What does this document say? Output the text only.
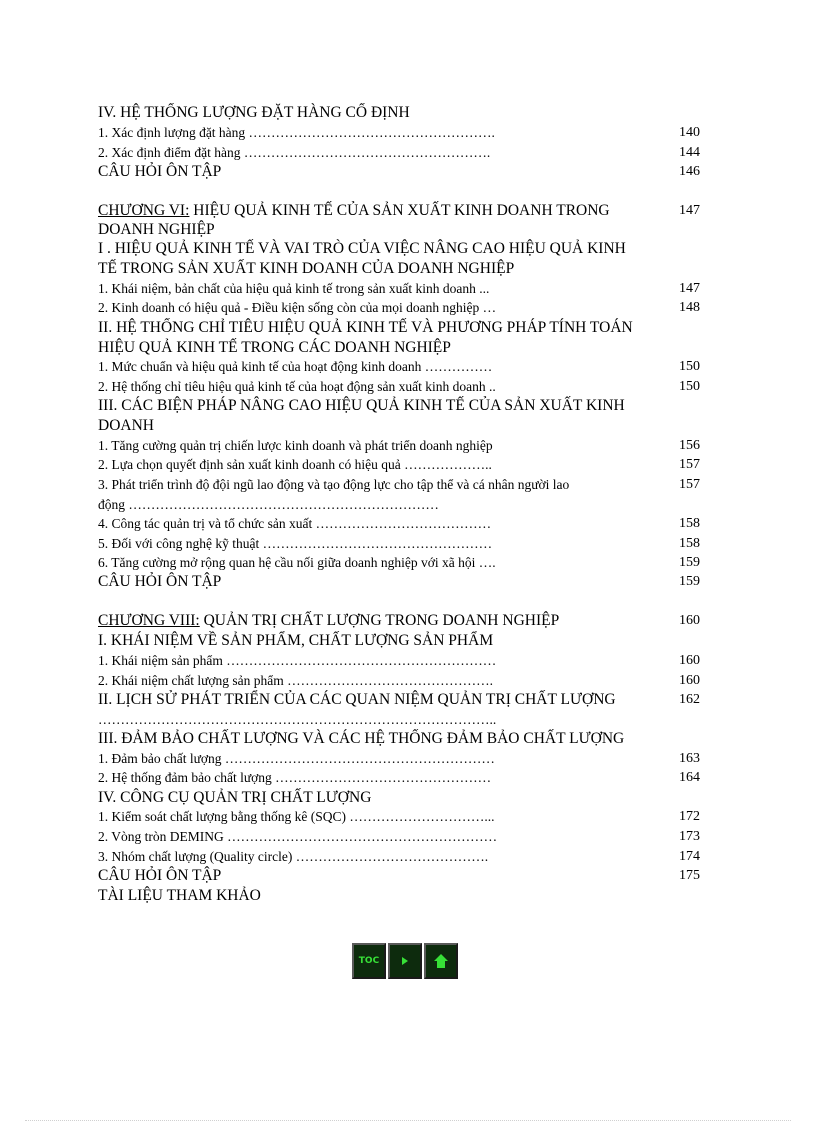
IV. HỆ THỐNG LƯỢNG ĐẶT HÀNG CỐ ĐỊNH
1. Xác định lượng đặt hàng ……………………………………………….	140
2. Xác định điểm đặt hàng ……………………………………………….	144
CÂU HỎI ÔN TẬP	146
CHƯƠNG VI: HIỆU QUẢ KINH TẾ CỦA SẢN XUẤT KINH DOANH TRONG	147
DOANH NGHIỆP
I . HIỆU QUẢ KINH TẾ VÀ VAI TRÒ CỦA VIỆC NÂNG CAO HIỆU QUẢ KINH
TẾ TRONG SẢN XUẤT KINH DOANH CỦA DOANH NGHIỆP
1. Khái niệm, bản chất của hiệu quả kinh tế trong sản xuất kinh doanh ...	147
2. Kinh doanh có hiệu quả - Điều kiện sống còn của mọi doanh nghiệp …	148
II. HỆ THỐNG CHỈ TIÊU HIỆU QUẢ KINH TẾ VÀ PHƯƠNG PHÁP TÍNH TOÁN
HIỆU QUẢ KINH TẾ TRONG CÁC DOANH NGHIỆP
1. Mức chuẩn và hiệu quả kinh tế của hoạt động kinh doanh ……………	150
2. Hệ thống chỉ tiêu hiệu quả kinh tế của hoạt động sản xuất kinh doanh ..	150
III. CÁC BIỆN PHÁP NÂNG CAO HIỆU QUẢ KINH TẾ CỦA SẢN XUẤT KINH
DOANH
1. Tăng cường quản trị chiến lược kinh doanh và phát triển doanh nghiệp	156
2. Lựa chọn quyết định sản xuất kinh doanh có hiệu quả ………………..	157
3. Phát triển trình độ đội ngũ lao động và tạo động lực cho tập thể và cá nhân người lao	157
động ……………………………………………………………
4. Công tác quản trị và tổ chức sản xuất …………………………………	158
5. Đối với công nghệ kỹ thuật ……………………………………………	158
6. Tăng cường mở rộng quan hệ cầu nối giữa doanh nghiệp với xã hội ….	159
CÂU HỎI ÔN TẬP	159
CHƯƠNG VIII: QUẢN TRỊ CHẤT LƯỢNG TRONG DOANH NGHIỆP	160
I. KHÁI NIỆM VỀ SẢN PHẨM, CHẤT LƯỢNG SẢN PHẨM
1. Khái niệm sản phẩm ……………………………………………………	160
2. Khái niệm chất lượng sản phẩm ……………………………………….	160
II. LỊCH SỬ PHÁT TRIỂN CỦA CÁC QUAN NIỆM QUẢN TRỊ CHẤT LƯỢNG	162
……………………………………………………………………………..
III. ĐẢM BẢO CHẤT LƯỢNG VÀ CÁC HỆ THỐNG ĐẢM BẢO CHẤT LƯỢNG
1. Đảm bảo chất lượng ……………………………………………………	163
2. Hệ thống đảm bảo chất lượng …………………………………………	164
IV. CÔNG CỤ QUẢN TRỊ CHẤT LƯỢNG
1. Kiểm soát chất lượng bằng thống kê (SQC) …………………………...	172
2. Vòng tròn DEMING ……………………………………………………	173
3. Nhóm chất lượng (Quality circle) …………………………………….	174
CÂU HỎI ÔN TẬP	175
TÀI LIỆU THAM KHẢO
TOC
